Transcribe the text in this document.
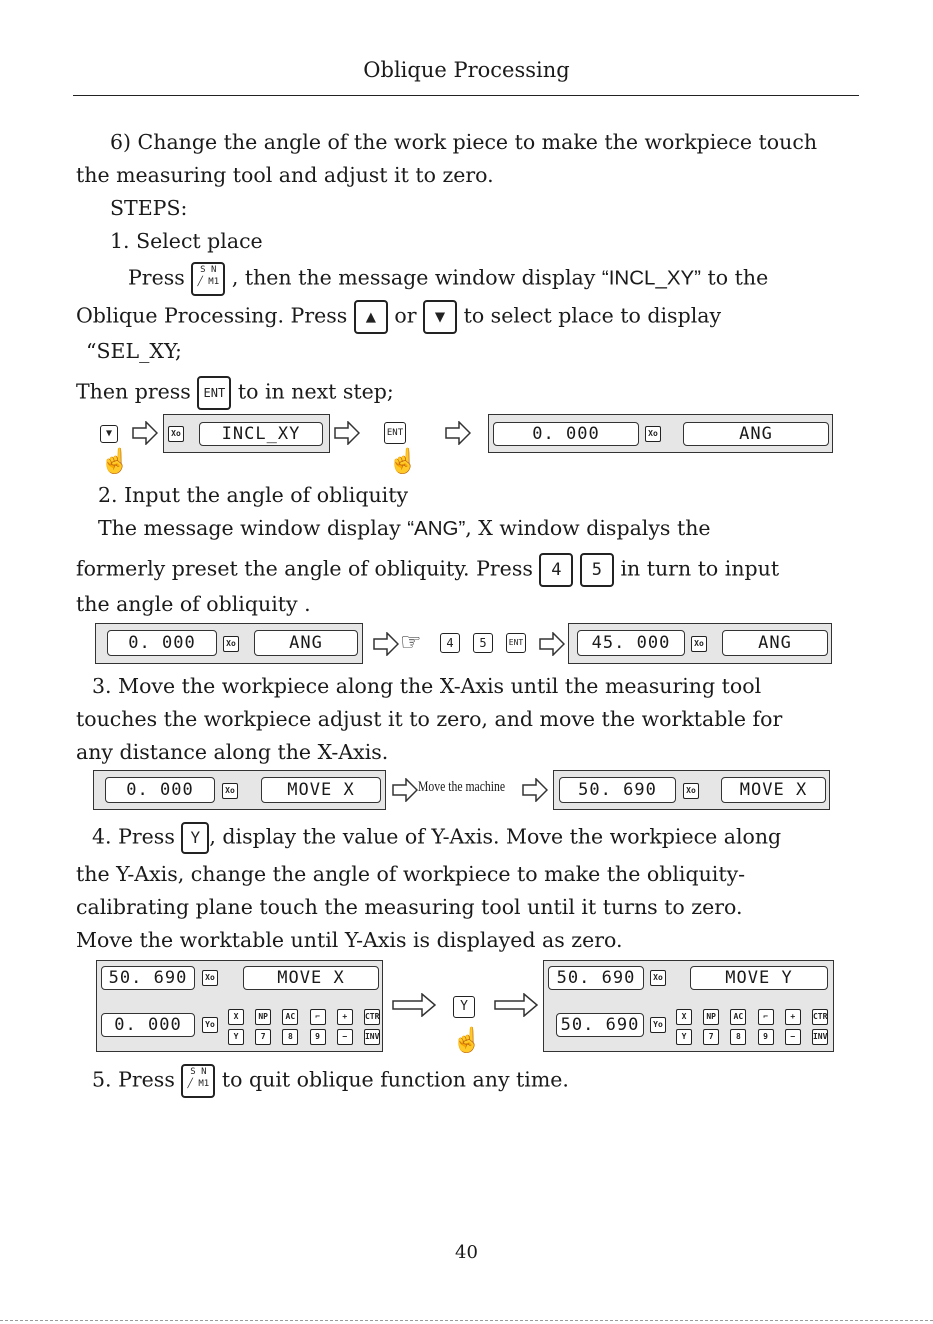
Oblique Processing
6) Change the angle of the work piece to make the workpiece touch
the measuring tool and adjust it to zero.
STEPS:
1. Select place
Press S N
╱ M1 , then the message window display “INCL_XY” to the
Oblique Processing. Press ▲ or ▼ to select place to display
“SEL_XY;
Then press ENT to in next step;
▼
☝
Xo	INCL_XY	ENT
☝
0. 000	Xo	ANG
2. Input the angle of obliquity
The message window display “ANG”, X window dispalys the
formerly preset the angle of obliquity. Press 4 5 in turn to input
the angle of obliquity .
0. 000	Xo	ANG	☞	4	5	ENT	45. 000	Xo	ANG
3. Move the workpiece along the X-Axis until the measuring tool
touches the workpiece adjust it to zero, and move the worktable for
any distance along the X-Axis.
0. 000	Xo	MOVE X	Move the machine	50. 690	Xo	MOVE X
4. Press Y , display the value of Y-Axis. Move the workpiece along
the Y-Axis, change the angle of workpiece to make the obliquity-
calibrating plane touch the measuring tool until it turns to zero.
Move the worktable until Y-Axis is displayed as zero.
50. 690	Xo	MOVE X
0. 000	Yo
X	NP	AC	⌐	+	CTR
Y	7	8	9	−	INV
Y
☝
50. 690	Xo	MOVE Y
50. 690	Yo
X	NP	AC	⌐	+	CTR
Y	7	8	9	−	INV
5. Press S N
╱ M1 to quit oblique function any time.
40
